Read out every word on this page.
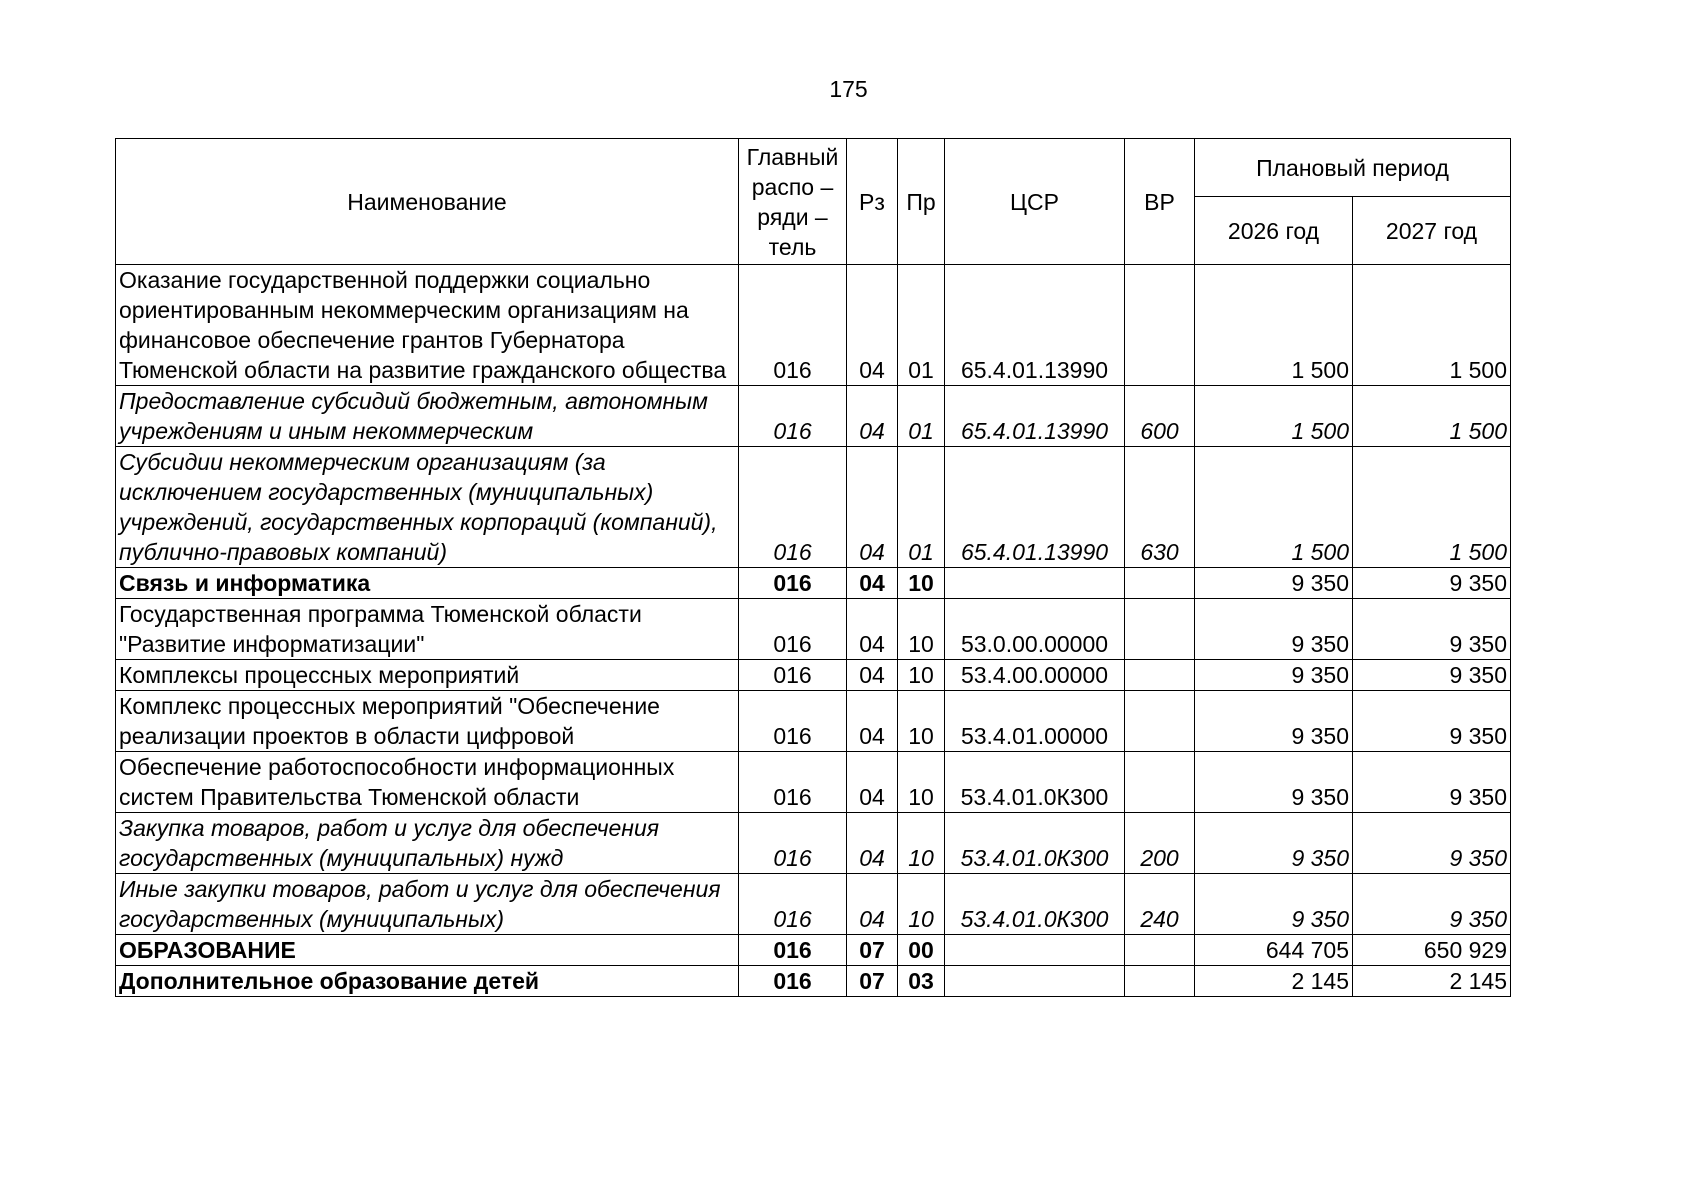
175
Наименование	Главный распо – ряди – тель	Рз	Пр	ЦСР	ВР	Плановый период	
						2026 год	2027 год
Оказание государственной поддержки социально ориентированным некоммерческим организациям на финансовое обеспечение грантов Губернатора Тюменской области на развитие гражданского общества	016	04	01	65.4.01.13990		1 500	1 500
Предоставление субсидий бюджетным, автономным учреждениям и иным некоммерческим	016	04	01	65.4.01.13990	600	1 500	1 500
Субсидии некоммерческим организациям (за исключением государственных (муниципальных) учреждений, государственных корпораций (компаний), публично-правовых компаний)	016	04	01	65.4.01.13990	630	1 500	1 500
Связь и информатика	016	04	10			9 350	9 350
Государственная программа Тюменской области "Развитие информатизации"	016	04	10	53.0.00.00000		9 350	9 350
Комплексы процессных мероприятий	016	04	10	53.4.00.00000		9 350	9 350
Комплекс процессных мероприятий "Обеспечение реализации проектов в области цифровой	016	04	10	53.4.01.00000		9 350	9 350
Обеспечение работоспособности информационных систем Правительства Тюменской области	016	04	10	53.4.01.0К300		9 350	9 350
Закупка товаров, работ и услуг для обеспечения государственных (муниципальных) нужд	016	04	10	53.4.01.0К300	200	9 350	9 350
Иные закупки товаров, работ и услуг для обеспечения государственных (муниципальных)	016	04	10	53.4.01.0К300	240	9 350	9 350
ОБРАЗОВАНИЕ	016	07	00			644 705	650 929
Дополнительное образование детей	016	07	03			2 145	2 145
